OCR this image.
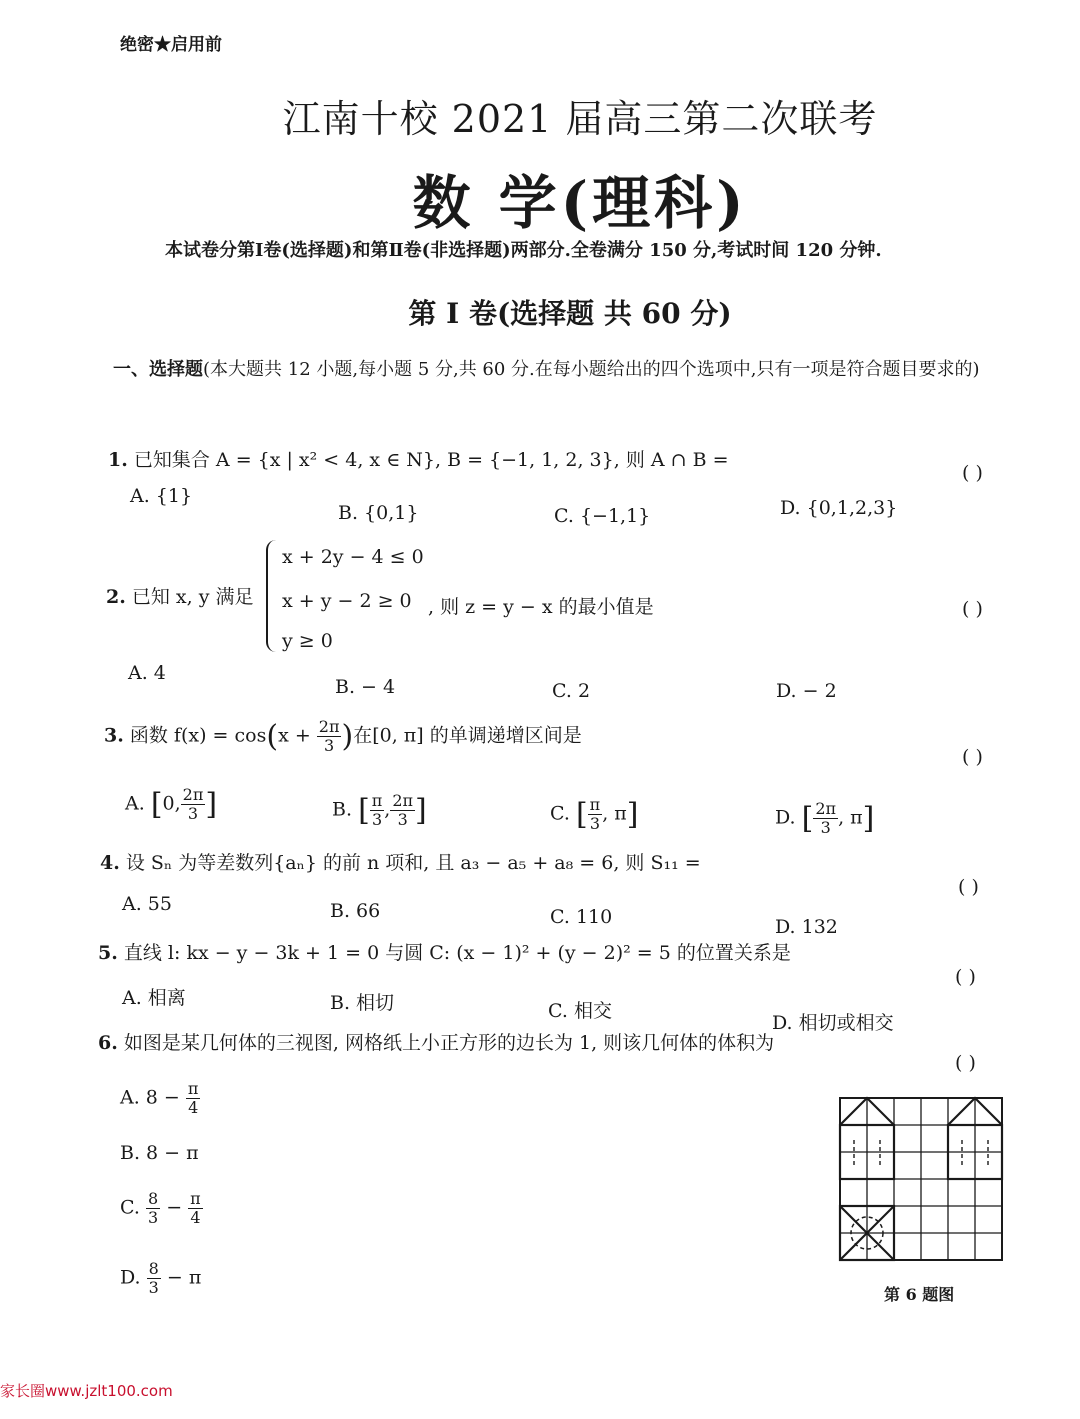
绝密★启用前
江南十校 2021 届高三第二次联考
数 学(理科)
本试卷分第Ⅰ卷(选择题)和第Ⅱ卷(非选择题)两部分.全卷满分 150 分,考试时间 120 分钟.
第 Ⅰ 卷(选择题 共 60 分)
一、选择题(本大题共 12 小题,每小题 5 分,共 60 分.在每小题给出的四个选项中,只有一项是符合题目要求的)
1. 已知集合 A = {x | x² < 4, x ∈ N}, B = {−1, 1, 2, 3}, 则 A ∩ B =
( )
A. {1}
B. {0,1}	C. {−1,1}	D. {0,1,2,3}
2. 已知 x, y 满足
x + 2y − 4 ≤ 0
x + y − 2 ≥ 0
y ≥ 0
, 则 z = y − x 的最小值是	( )
A. 4
B. − 4	C. 2	D. − 2
3. 函数 $f(x) = \cos(x + \frac{2\pi}{3}$ )在[0, π] 的单调递增区间是
( )
A. [0, $\frac{2\pi}{3}$ ]	B. [ $\frac{\pi}{3}$ , $\frac{2\pi}{3}$ ]	C. [ $\frac{\pi}{3}$ , π]	D. [ $\frac{2\pi}{3}$ , π]
4. 设 Sₙ 为等差数列{aₙ} 的前 n 项和, 且 a₃ − a₅ + a₈ = 6, 则 S₁₁ =
( )
A. 55	B. 66	C. 110	D. 132
5. 直线 l: kx − y − 3k + 1 = 0 与圆 C: (x − 1)² + (y − 2)² = 5 的位置关系是
( )
A. 相离	B. 相切	C. 相交
D. 相切或相交
6. 如图是某几何体的三视图, 网格纸上小正方形的边长为 1, 则该几何体的体积为
( )
A. $8 - \frac{\pi}{4}$
B. 8 − π
C. $\frac{8}{3} - \frac{\pi}{4}$
D. $\frac{8}{3} - \pi$
第 6 题图
家长圈www.jzlt100.com
